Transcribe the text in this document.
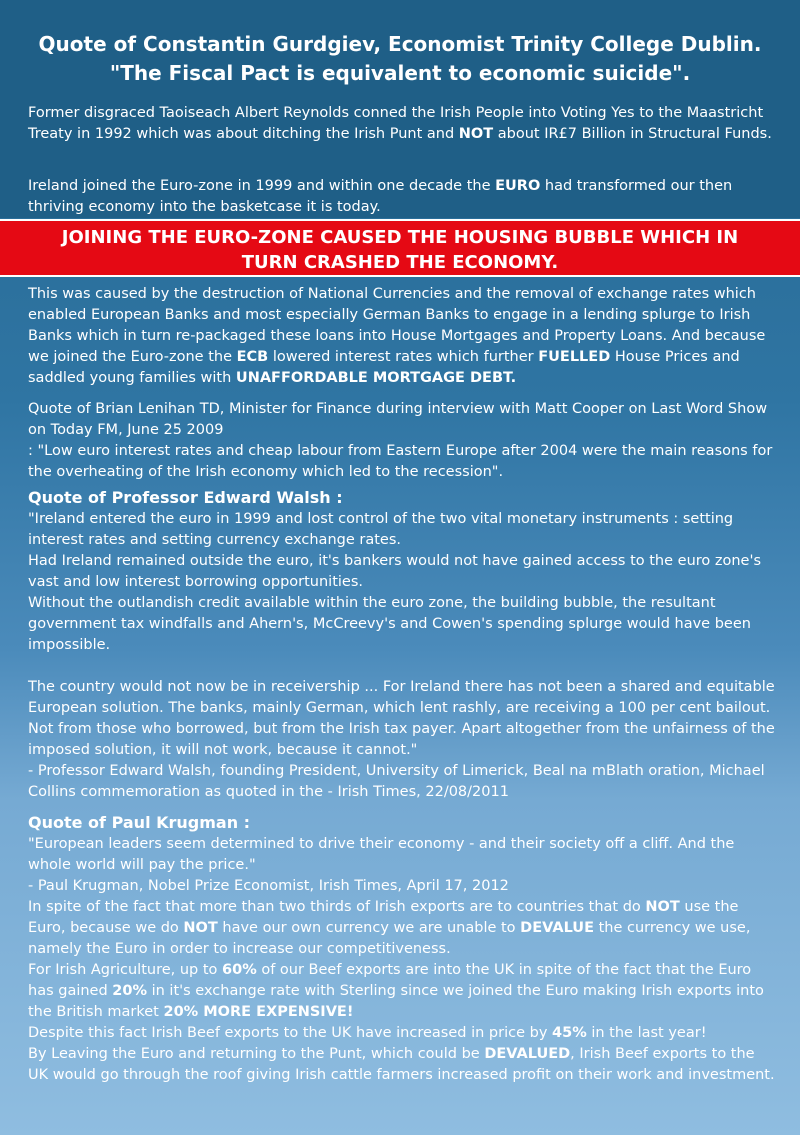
Quote of Constantin Gurdgiev, Economist Trinity College Dublin.
"The Fiscal Pact is equivalent to economic suicide".
Former disgraced Taoiseach Albert Reynolds conned the Irish People into Voting Yes to the Maastricht Treaty in 1992 which was about ditching the Irish Punt and NOT about IR£7 Billion in Structural Funds.
Ireland joined the Euro-zone in 1999 and within one decade the EURO had transformed our then thriving economy into the basketcase it is today.
JOINING THE EURO-ZONE CAUSED THE HOUSING BUBBLE WHICH IN
TURN CRASHED THE ECONOMY.
This was caused by the destruction of National Currencies and the removal of exchange rates which enabled European Banks and most especially German Banks to engage in a lending splurge to Irish Banks which in turn re-packaged these loans into House Mortgages and Property Loans. And because we joined the Euro-zone the ECB lowered interest rates which further FUELLED House Prices and saddled young families with UNAFFORDABLE MORTGAGE DEBT.
Quote of Brian Lenihan TD, Minister for Finance during interview with Matt Cooper on Last Word Show on Today FM, June 25 2009
: "Low euro interest rates and cheap labour from Eastern Europe after 2004 were the main reasons for the overheating of the Irish economy which led to the recession".
Quote of Professor Edward Walsh :
"Ireland entered the euro in 1999 and lost control of the two vital monetary instruments : setting interest rates and setting currency exchange rates.
Had Ireland remained outside the euro, it's bankers would not have gained access to the euro zone's vast and low interest borrowing opportunities.
Without the outlandish credit available within the euro zone, the building bubble, the resultant government tax windfalls and Ahern's, McCreevy's and Cowen's spending splurge would have been impossible.
The country would not now be in receivership ... For Ireland there has not been a shared and equitable European solution. The banks, mainly German, which lent rashly, are receiving a 100 per cent bailout. Not from those who borrowed, but from the Irish tax payer. Apart altogether from the unfairness of the imposed solution, it will not work, because it cannot."
- Professor Edward Walsh, founding President, University of Limerick, Beal na mBlath oration, Michael Collins commemoration as quoted in the - Irish Times, 22/08/2011
Quote of Paul Krugman :
"European leaders seem determined to drive their economy - and their society off a cliff. And the whole world will pay the price."
- Paul Krugman, Nobel Prize Economist, Irish Times, April 17, 2012
In spite of the fact that more than two thirds of Irish exports are to countries that do NOT use the Euro, because we do NOT have our own currency we are unable to DEVALUE the currency we use, namely the Euro in order to increase our competitiveness.
For Irish Agriculture, up to 60% of our Beef exports are into the UK in spite of the fact that the Euro has gained 20% in it's exchange rate with Sterling since we joined the Euro making Irish exports into the British market 20% MORE EXPENSIVE!
Despite this fact Irish Beef exports to the UK have increased in price by 45% in the last year!
By Leaving the Euro and returning to the Punt, which could be DEVALUED, Irish Beef exports to the UK would go through the roof giving Irish cattle farmers increased profit on their work and investment.
